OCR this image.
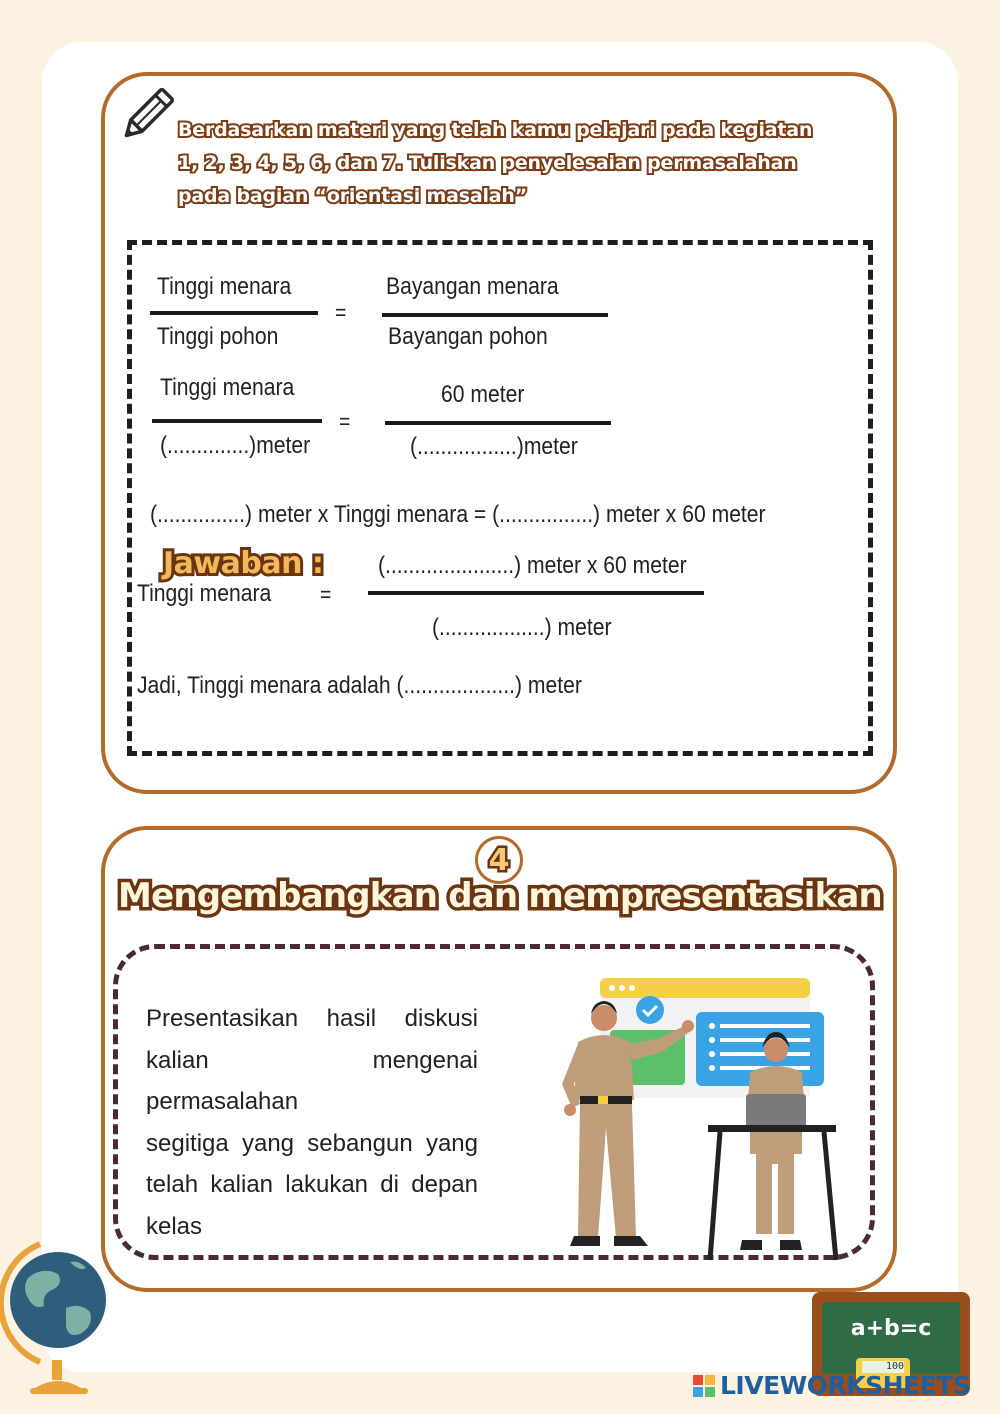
Berdasarkan materi yang telah kamu pelajari pada kegiatan
1, 2, 3, 4, 5, 6, dan 7. Tuliskan penyelesaian permasalahan
pada bagian “orientasi masalah”
Tinggi menara
Tinggi pohon
=
Bayangan menara
Bayangan pohon
Tinggi menara
(..............)meter
=
60 meter
(.................)meter
(...............) meter x Tinggi menara = (................) meter x 60 meter
Jawaban :
Tinggi menara =
(......................) meter x 60 meter
(..................) meter
Jadi, Tinggi menara adalah (...................) meter
4
Mengembangkan dan mempresentasikan
Presentasikan hasil diskusi
kalian mengenai permasalahan
segitiga yang sebangun yang
telah kalian lakukan di depan
kelas
a+b=c
100
LIVEWORKSHEETS
